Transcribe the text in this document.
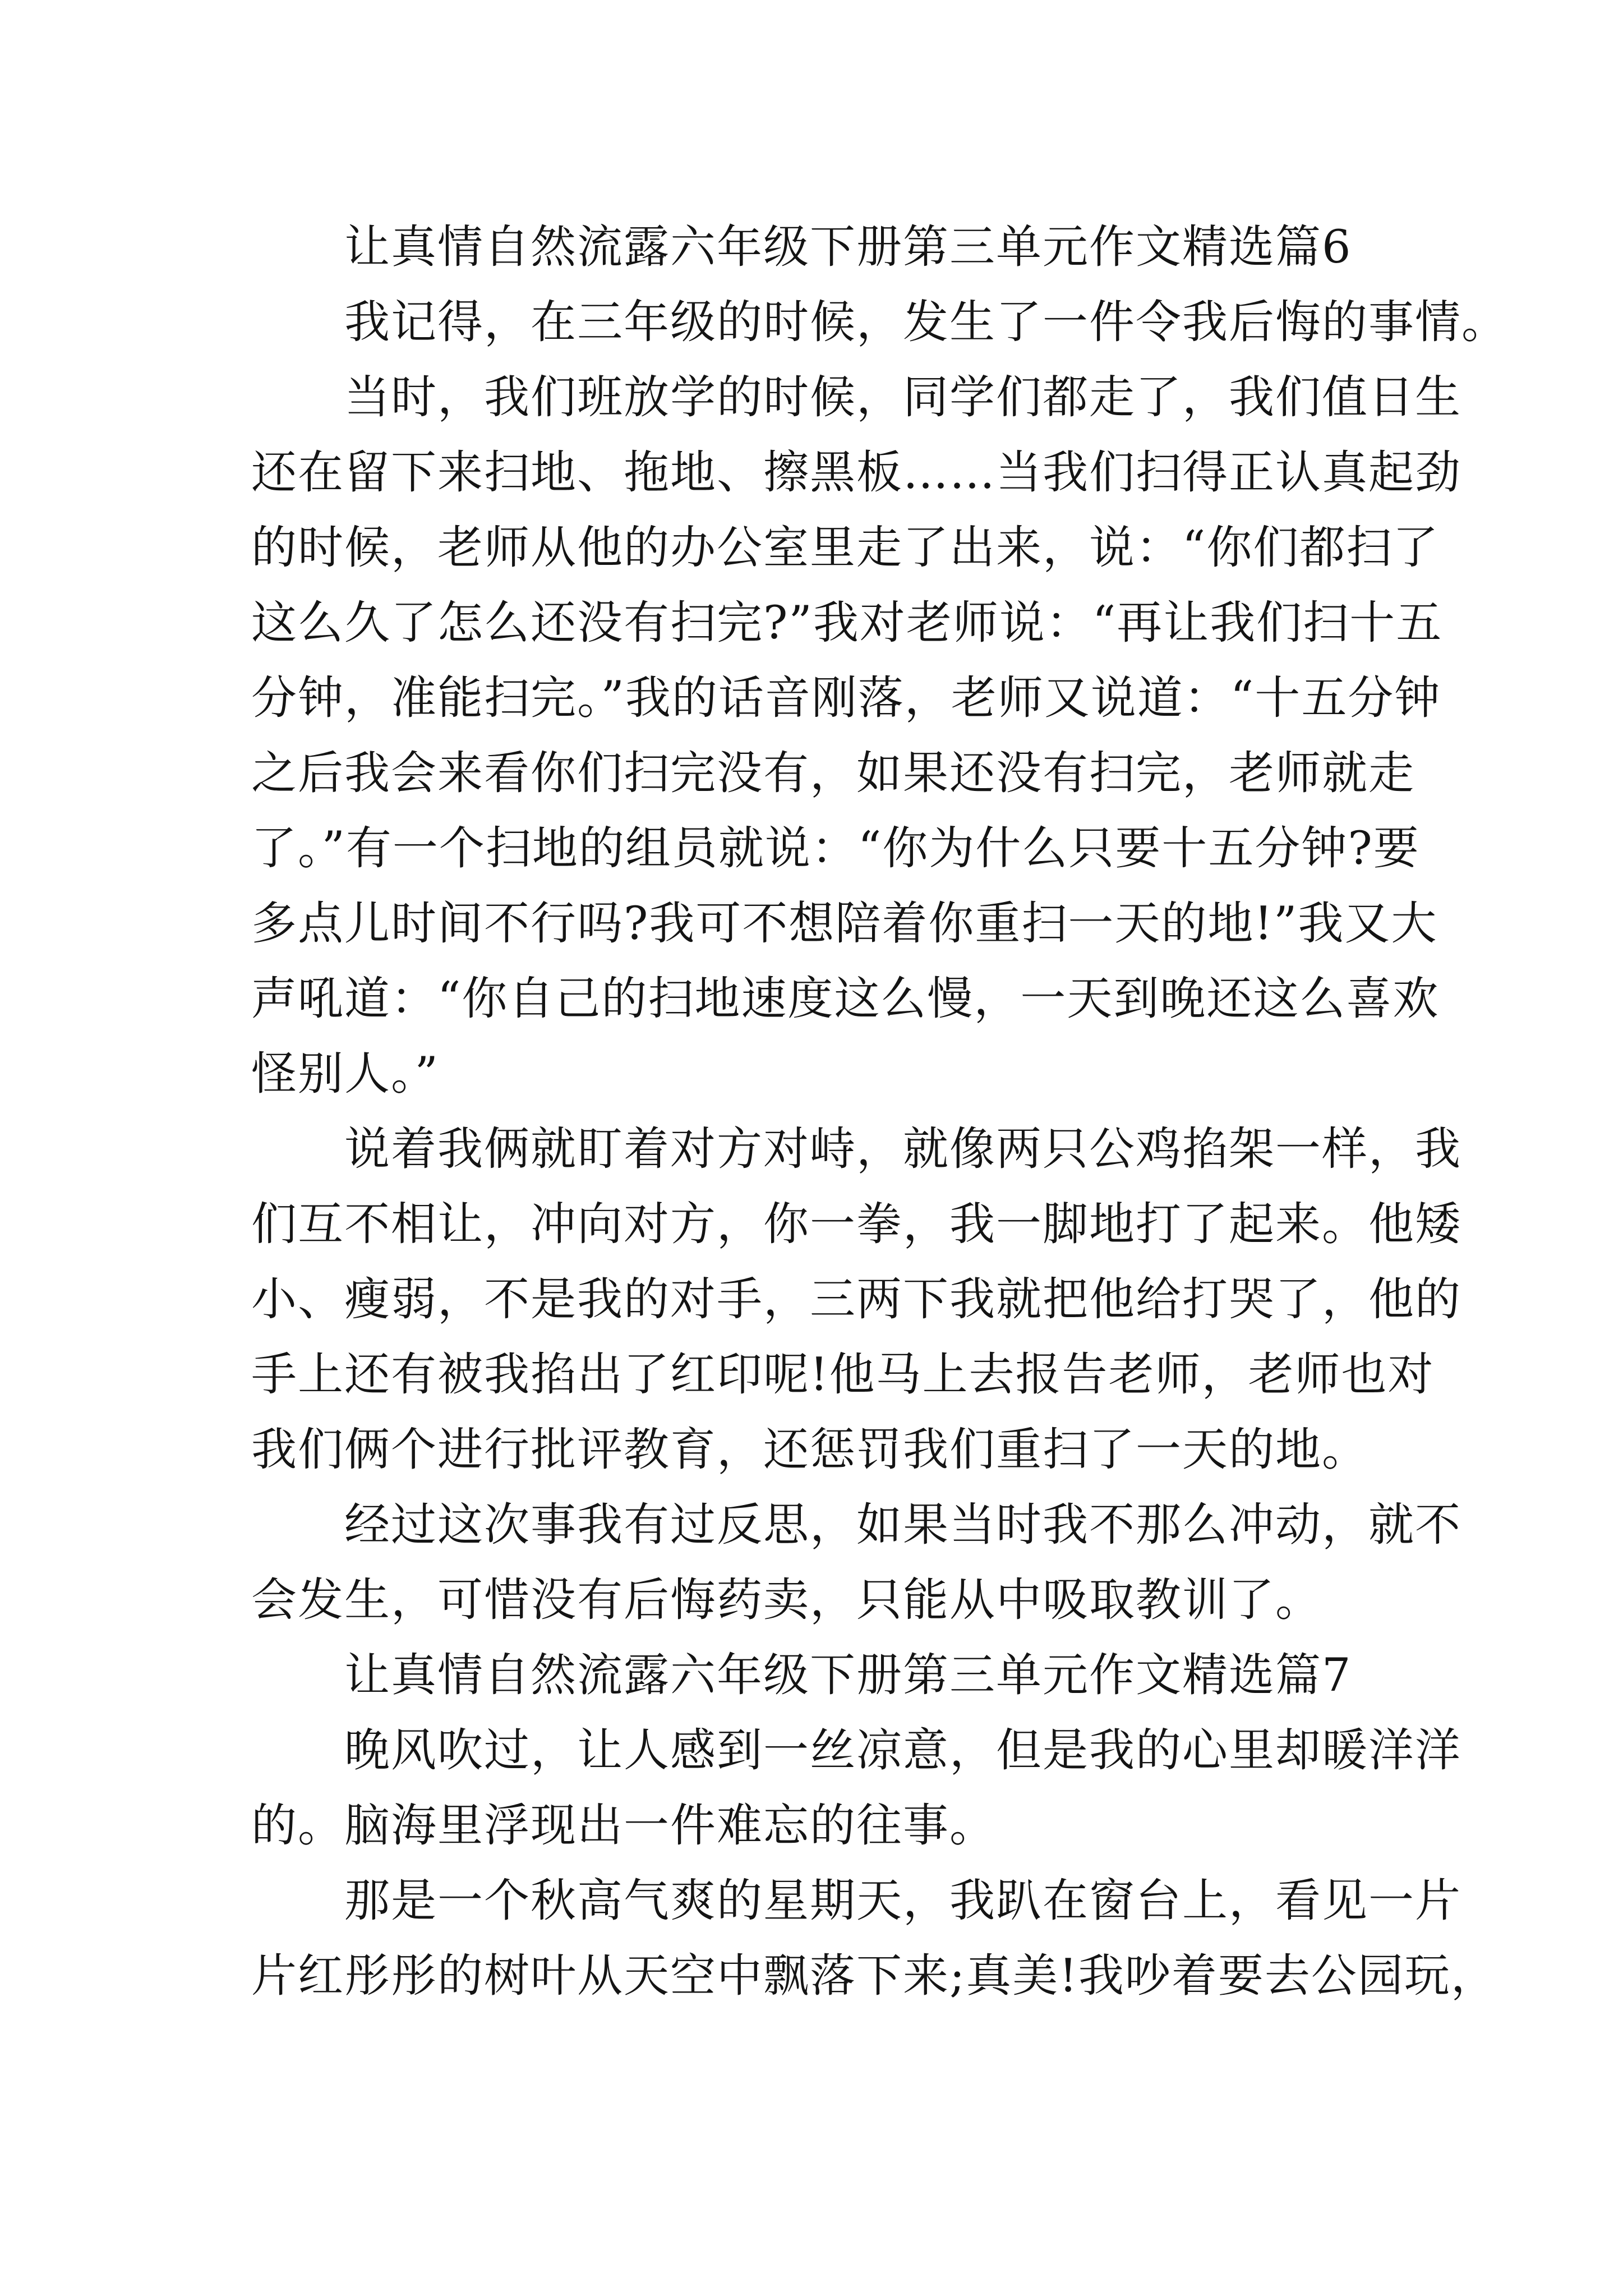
　　让真情自然流露六年级下册第三单元作文精选篇6
　　我记得，在三年级的时候，发生了一件令我后悔的事情。
　　当时，我们班放学的时候，同学们都走了，我们值日生
还在留下来扫地、拖地、擦黑板……当我们扫得正认真起劲
的时候，老师从他的办公室里走了出来，说：“你们都扫了
这么久了怎么还没有扫完?”我对老师说：“再让我们扫十五
分钟，准能扫完。”我的话音刚落，老师又说道：“十五分钟
之后我会来看你们扫完没有，如果还没有扫完，老师就走
了。”有一个扫地的组员就说：“你为什么只要十五分钟?要
多点儿时间不行吗?我可不想陪着你重扫一天的地!”我又大
声吼道：“你自己的扫地速度这么慢，一天到晚还这么喜欢
怪别人。”
　　说着我俩就盯着对方对峙，就像两只公鸡掐架一样，我
们互不相让，冲向对方，你一拳，我一脚地打了起来。他矮
小、瘦弱，不是我的对手，三两下我就把他给打哭了，他的
手上还有被我掐出了红印呢!他马上去报告老师，老师也对
我们俩个进行批评教育，还惩罚我们重扫了一天的地。
　　经过这次事我有过反思，如果当时我不那么冲动，就不
会发生，可惜没有后悔药卖，只能从中吸取教训了。
　　让真情自然流露六年级下册第三单元作文精选篇7
　　晚风吹过，让人感到一丝凉意，但是我的心里却暖洋洋
的。脑海里浮现出一件难忘的往事。
　　那是一个秋高气爽的星期天，我趴在窗台上，看见一片
片红彤彤的树叶从天空中飘落下来;真美!我吵着要去公园玩，
